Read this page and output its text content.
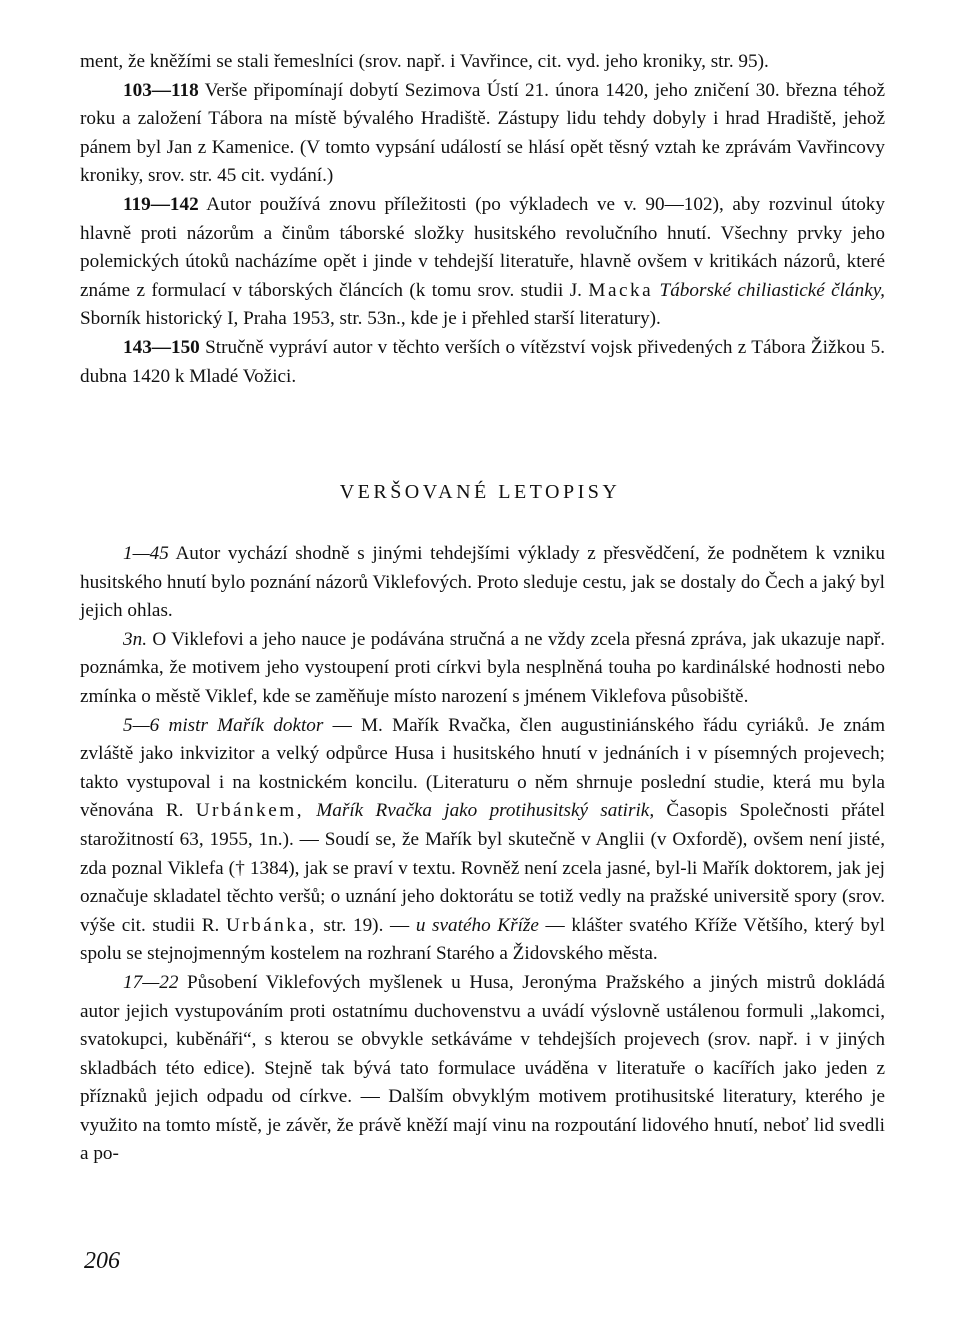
ment, že kněžími se stali řemeslníci (srov. např. i Vavřince, cit. vyd. jeho kroniky, str. 95).

103—118 Verše připomínají dobytí Sezimova Ústí 21. února 1420, jeho zničení 30. března téhož roku a založení Tábora na místě bývalého Hradiště. Zástupy lidu tehdy dobyly i hrad Hradiště, jehož pánem byl Jan z Kamenice. (V tomto vypsání událostí se hlásí opět těsný vztah ke zprávám Vavřincovy kroniky, srov. str. 45 cit. vydání.)

119—142 Autor používá znovu příležitosti (po výkladech ve v. 90—102), aby rozvinul útoky hlavně proti názorům a činům táborské složky husitského revolučního hnutí. Všechny prvky jeho polemických útoků nacházíme opět i jinde v tehdejší literatuře, hlavně ovšem v kritikách názorů, které známe z formulací v táborských článcích (k tomu srov. studii J. Macka Táborské chiliastické články, Sborník historický I, Praha 1953, str. 53n., kde je i přehled starší literatury).

143—150 Stručně vypráví autor v těchto verších o vítězství vojsk přivedených z Tábora Žižkou 5. dubna 1420 k Mladé Vožici.

VERŠOVANÉ LETOPISY

1—45 Autor vychází shodně s jinými tehdejšími výklady z přesvědčení, že podnětem k vzniku husitského hnutí bylo poznání názorů Viklefových. Proto sleduje cestu, jak se dostaly do Čech a jaký byl jejich ohlas.

3n. O Viklefovi a jeho nauce je podávána stručná a ne vždy zcela přesná zpráva, jak ukazuje např. poznámka, že motivem jeho vystoupení proti církvi byla nesplněná touha po kardinálské hodnosti nebo zmínka o městě Viklef, kde se zaměňuje místo narození s jménem Viklefova působiště.

5—6 mistr Mařík doktor — M. Mařík Rvačka, člen augustiniánského řádu cyriáků. Je znám zvláště jako inkvizitor a velký odpůrce Husa i husitského hnutí v jednáních i v písemných projevech; takto vystupoval i na kostnickém koncilu. (Literaturu o něm shrnuje poslední studie, která mu byla věnována R. Urbánkem, Mařík Rvačka jako protihusitský satirik, Časopis Společnosti přátel starožitností 63, 1955, 1n.). — Soudí se, že Mařík byl skutečně v Anglii (v Oxfordě), ovšem není jisté, zda poznal Viklefa († 1384), jak se praví v textu. Rovněž není zcela jasné, byl-li Mařík doktorem, jak jej označuje skladatel těchto veršů; o uznání jeho doktorátu se totiž vedly na pražské universitě spory (srov. výše cit. studii R. Urbánka, str. 19). — u svatého Kříže — klášter svatého Kříže Většího, který byl spolu se stejnojmenným kostelem na rozhraní Starého a Židovského města.

17—22 Působení Viklefových myšlenek u Husa, Jeronýma Pražského a jiných mistrů dokládá autor jejich vystupováním proti ostatnímu duchovenstvu a uvádí výslovně ustálenou formuli „lakomci, svatokupci, kuběnáři“, s kterou se obvykle setkáváme v tehdejších projevech (srov. např. i v jiných skladbách této edice). Stejně tak bývá tato formulace uváděna v literatuře o kacířích jako jeden z příznaků jejich odpadu od církve. — Dalším obvyklým motivem protihusitské literatury, kterého je využito na tomto místě, je závěr, že právě kněží mají vinu na rozpoutání lidového hnutí, neboť lid svedli a po-

206
